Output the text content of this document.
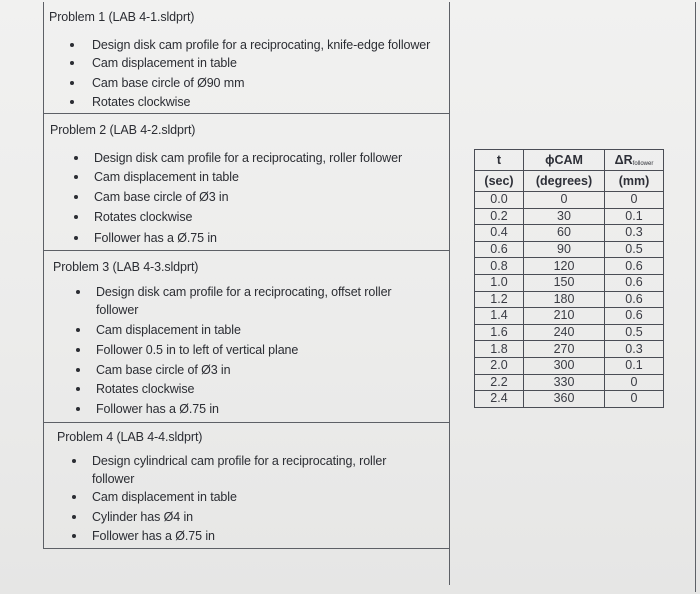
Problem 1 (LAB 4-1.sldprt)
Design disk cam profile for a reciprocating, knife-edge follower
Cam displacement in table
Cam base circle of Ø90 mm
Rotates clockwise
Problem 2 (LAB 4-2.sldprt)
Design disk cam profile for a reciprocating, roller follower
Cam displacement in table
Cam base circle of Ø3 in
Rotates clockwise
Follower has a Ø.75 in
Problem 3 (LAB 4-3.sldprt)
Design disk cam profile for a reciprocating, offset roller
follower
Cam displacement in table
Follower 0.5 in to left of vertical plane
Cam base circle of Ø3 in
Rotates clockwise
Follower has a Ø.75 in
Problem 4 (LAB 4-4.sldprt)
Design cylindrical cam profile for a reciprocating, roller
follower
Cam displacement in table
Cylinder has Ø4 in
Follower has a Ø.75 in
t	ϕCAM	ΔRfollower
(sec)	(degrees)	(mm)
0.0	0	0
0.2	30	0.1
0.4	60	0.3
0.6	90	0.5
0.8	120	0.6
1.0	150	0.6
1.2	180	0.6
1.4	210	0.6
1.6	240	0.5
1.8	270	0.3
2.0	300	0.1
2.2	330	0
2.4	360	0
